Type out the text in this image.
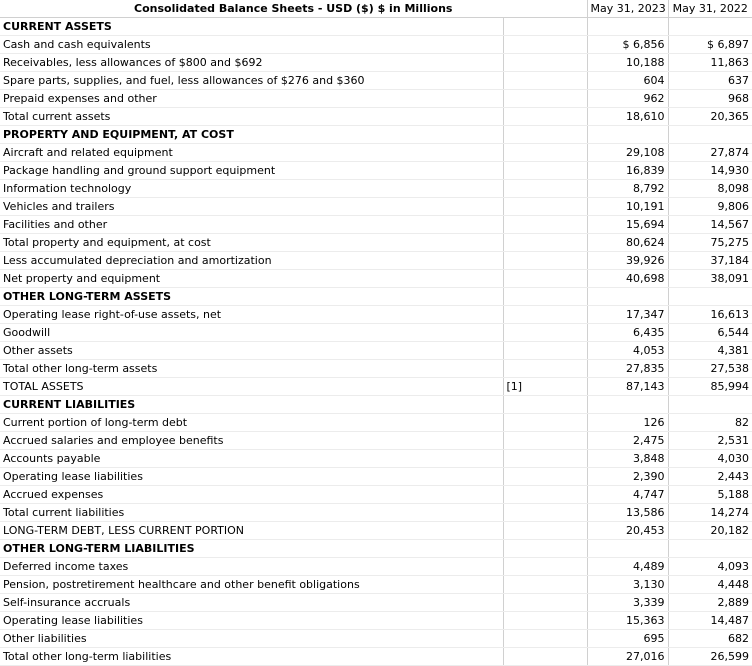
Consolidated Balance Sheets - USD ($) $ in Millions		May 31, 2023	May 31, 2022
CURRENT ASSETS			
Cash and cash equivalents		$ 6,856	$ 6,897
Receivables, less allowances of $800 and $692		10,188	11,863
Spare parts, supplies, and fuel, less allowances of $276 and $360		604	637
Prepaid expenses and other		962	968
Total current assets		18,610	20,365
PROPERTY AND EQUIPMENT, AT COST			
Aircraft and related equipment		29,108	27,874
Package handling and ground support equipment		16,839	14,930
Information technology		8,792	8,098
Vehicles and trailers		10,191	9,806
Facilities and other		15,694	14,567
Total property and equipment, at cost		80,624	75,275
Less accumulated depreciation and amortization		39,926	37,184
Net property and equipment		40,698	38,091
OTHER LONG-TERM ASSETS			
Operating lease right-of-use assets, net		17,347	16,613
Goodwill		6,435	6,544
Other assets		4,053	4,381
Total other long-term assets		27,835	27,538
TOTAL ASSETS	[1]	87,143	85,994
CURRENT LIABILITIES			
Current portion of long-term debt		126	82
Accrued salaries and employee benefits		2,475	2,531
Accounts payable		3,848	4,030
Operating lease liabilities		2,390	2,443
Accrued expenses		4,747	5,188
Total current liabilities		13,586	14,274
LONG-TERM DEBT, LESS CURRENT PORTION		20,453	20,182
OTHER LONG-TERM LIABILITIES			
Deferred income taxes		4,489	4,093
Pension, postretirement healthcare and other benefit obligations		3,130	4,448
Self-insurance accruals		3,339	2,889
Operating lease liabilities		15,363	14,487
Other liabilities		695	682
Total other long-term liabilities		27,016	26,599
